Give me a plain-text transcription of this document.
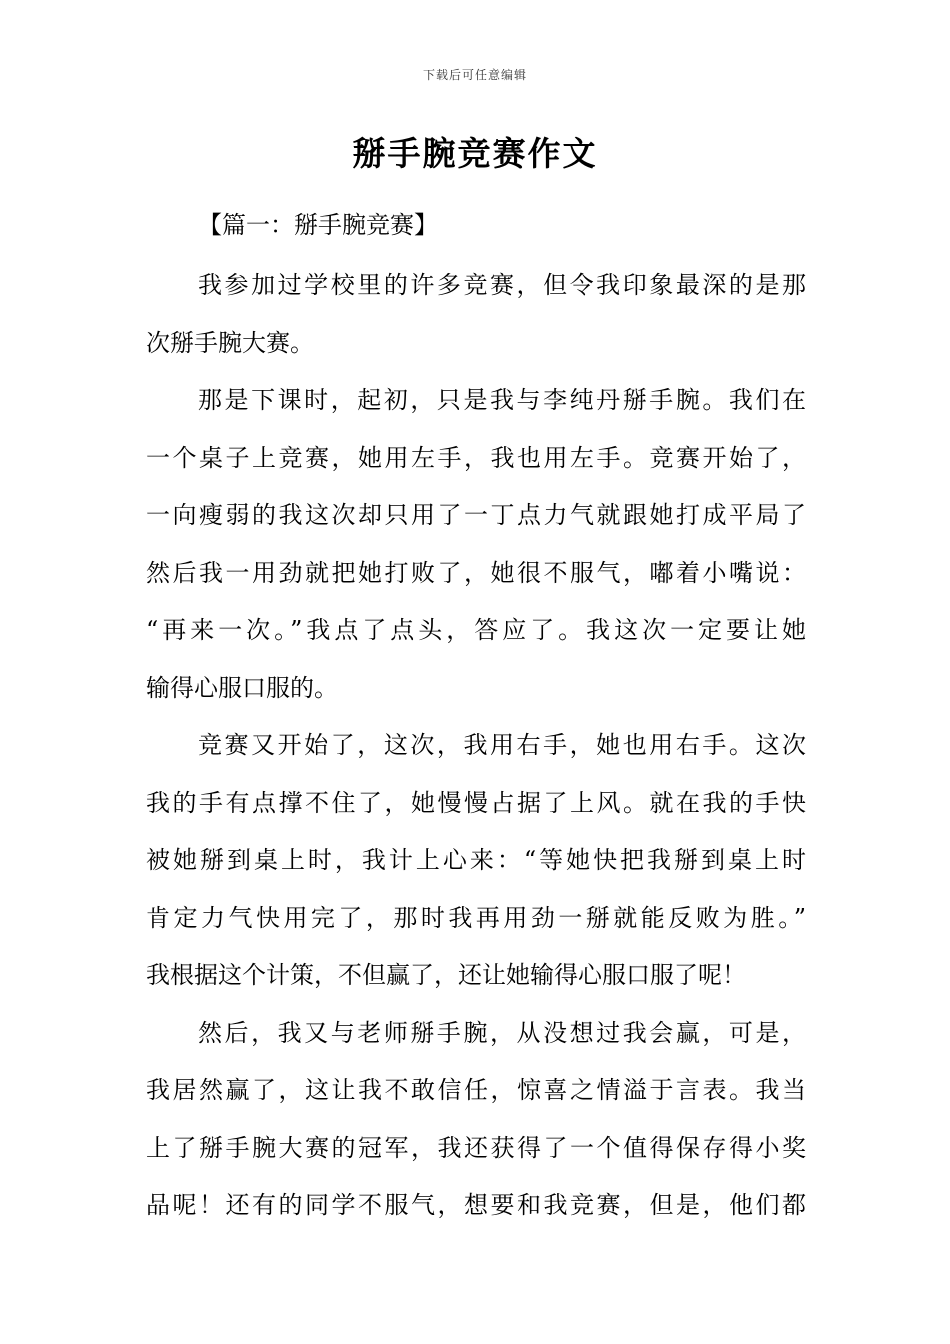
下载后可任意编辑
掰手腕竞赛作文
【篇一：掰手腕竞赛】
我参加过学校里的许多竞赛，但令我印象最深的是那
次掰手腕大赛。
那是下课时，起初，只是我与李纯丹掰手腕。我们在
一个桌子上竞赛，她用左手，我也用左手。竞赛开始了，
一向瘦弱的我这次却只用了一丁点力气就跟她打成平局了
然后我一用劲就把她打败了，她很不服气，嘟着小嘴说：
“再来一次。”我点了点头，答应了。我这次一定要让她
输得心服口服的。
竞赛又开始了，这次，我用右手，她也用右手。这次
我的手有点撑不住了，她慢慢占据了上风。就在我的手快
被她掰到桌上时，我计上心来：“等她快把我掰到桌上时
肯定力气快用完了，那时我再用劲一掰就能反败为胜。”
我根据这个计策，不但赢了，还让她输得心服口服了呢！
然后，我又与老师掰手腕，从没想过我会赢，可是，
我居然赢了，这让我不敢信任，惊喜之情溢于言表。我当
上了掰手腕大赛的冠军，我还获得了一个值得保存得小奖
品呢！还有的同学不服气，想要和我竞赛，但是，他们都
